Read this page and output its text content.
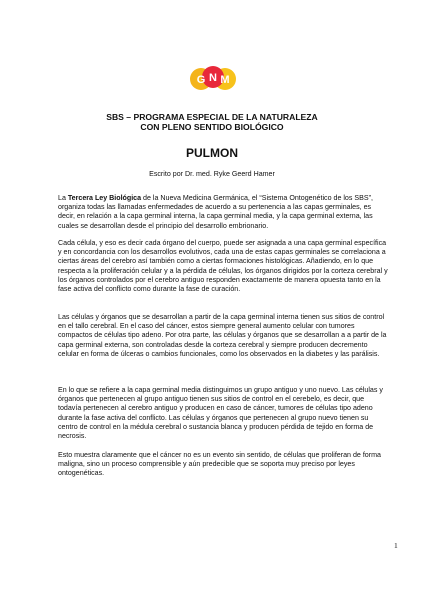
G N M
SBS – PROGRAMA ESPECIAL DE LA NATURALEZA
CON PLENO SENTIDO BIOLÓGICO
PULMON
Escrito por Dr. med. Ryke Geerd Hamer

La Tercera Ley Biológica de la Nueva Medicina Germánica, el “Sistema Ontogenético de los SBS”, organiza todas las llamadas enfermedades de acuerdo a su pertenencia a las capas germinales, es decir, en relación a la capa germinal interna, la capa germinal media, y la capa germinal externa, las cuales se desarrollan desde el principio del desarrollo embrionario.

Cada célula, y eso es decir cada órgano del cuerpo, puede ser asignada a una capa germinal específica y en concordancia con los desarrollos evolutivos, cada una de estas capas germinales se correlaciona a ciertas áreas del cerebro así también como a ciertas formaciones histológicas. Añadiendo, en lo que respecta a la proliferación celular y a la pérdida de células, los órganos dirigidos por la corteza cerebral y los órganos controlados por el cerebro antiguo responden exactamente de manera opuesta tanto en la fase activa del conflicto como durante la fase de curación.

Las células y órganos que se desarrollan a partir de la capa germinal interna tienen sus sitios de control en el tallo cerebral. En el caso del cáncer, estos siempre general aumento celular con tumores compactos de células tipo adeno. Por otra parte, las células y órganos que se desarrollan a a partir de la capa germinal externa, son controladas desde la corteza cerebral y siempre producen decremento celular en forma de úlceras o cambios funcionales, como los observados en la diabetes y las parálisis.

En lo que se refiere a la capa germinal media distinguimos un grupo antiguo y uno nuevo. Las células y órganos que pertenecen al grupo antiguo tienen sus sitios de control en el cerebelo, es decir, que todavía pertenecen al cerebro antiguo y producen en caso de cáncer, tumores de células tipo adeno durante la fase activa del conflicto. Las células y órganos que pertenecen al grupo nuevo tienen su centro de control en la médula cerebral o sustancia blanca y producen pérdida de tejido en forma de necrosis.

Esto muestra claramente que el cáncer no es un evento sin sentido, de células que proliferan de forma maligna, sino un proceso comprensible y aún predecible que se soporta muy preciso por leyes ontogenéticas.

1
